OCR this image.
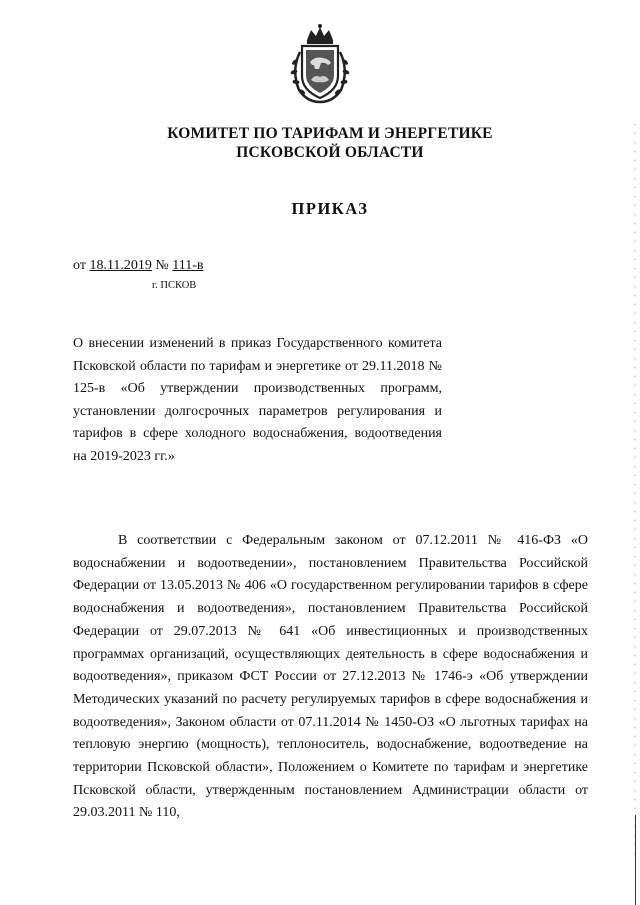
КОМИТЕТ ПО ТАРИФАМ И ЭНЕРГЕТИКЕ
ПСКОВСКОЙ ОБЛАСТИ
ПРИКАЗ
от 18.11.2019 № 111-в
г. ПСКОВ
О внесении изменений в приказ Государственного комитета Псковской области по тарифам и энергетике от 29.11.2018 № 125-в «Об утверждении производственных программ, установлении долгосрочных параметров регулирования и тарифов в сфере холодного водоснабжения, водоотведения на 2019-2023 гг.»
В соответствии с Федеральным законом от 07.12.2011 № 416-ФЗ «О водоснабжении и водоотведении», постановлением Правительства Российской Федерации от 13.05.2013 № 406 «О государственном регулировании тарифов в сфере водоснабжения и водоотведения», постановлением Правительства Российской Федерации от 29.07.2013 № 641 «Об инвестиционных и производственных программах организаций, осуществляющих деятельность в сфере водоснабжения и водоотведения», приказом ФСТ России от 27.12.2013 № 1746-э «Об утверждении Методических указаний по расчету регулируемых тарифов в сфере водоснабжения и водоотведения», Законом области от 07.11.2014 № 1450-ОЗ «О льготных тарифах на тепловую энергию (мощность), теплоноситель, водоснабжение, водоотведение на территории Псковской области», Положением о Комитете по тарифам и энергетике Псковской области, утвержденным постановлением Администрации области от 29.03.2011 № 110,
